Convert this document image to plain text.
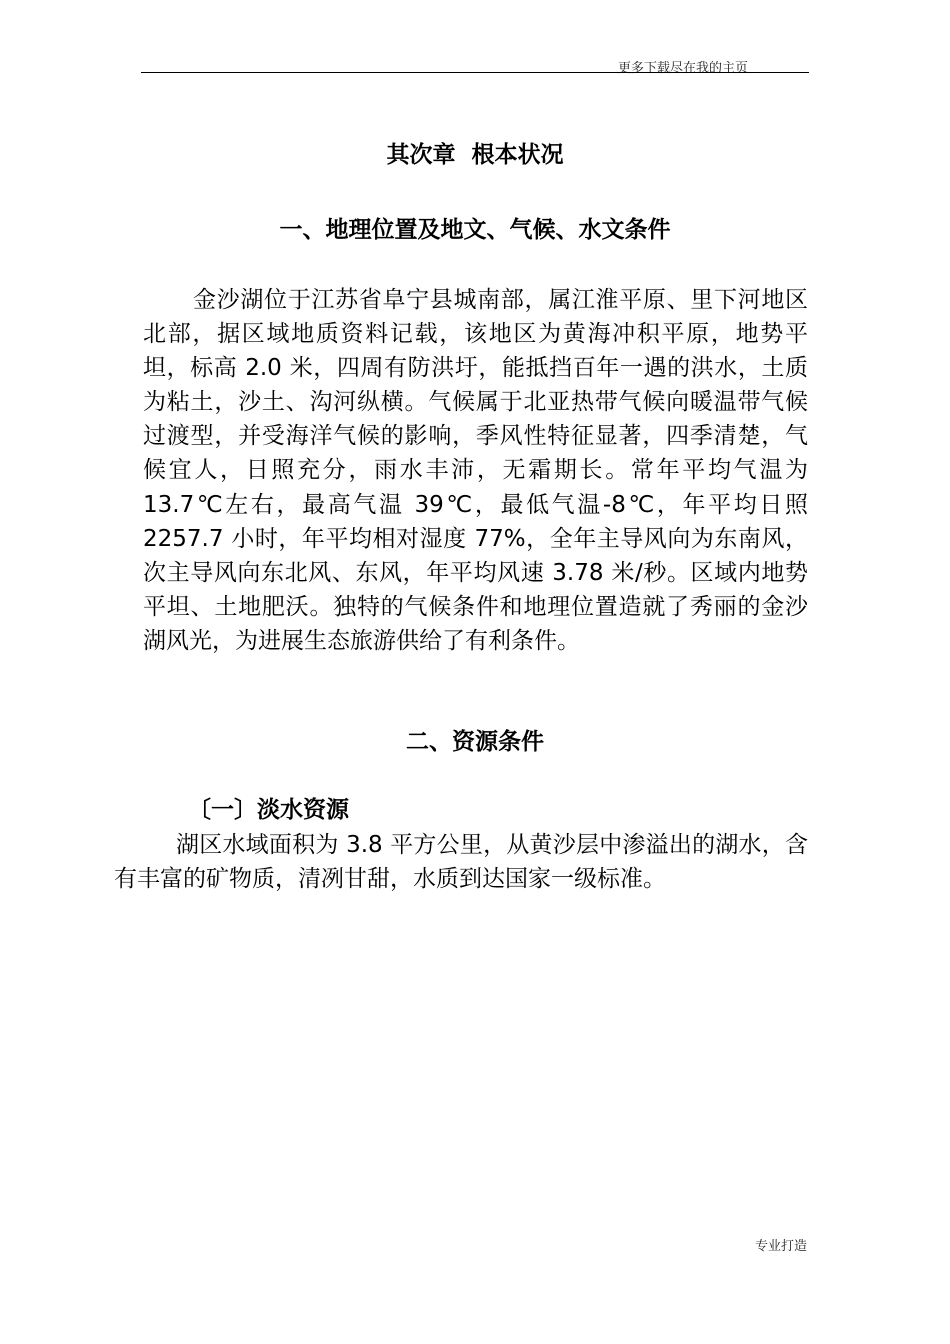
更多下载尽在我的主页
其次章  根本状况
一、地理位置及地文、气候、水文条件

金沙湖位于江苏省阜宁县城南部，属江淮平原、里下河地区北部，据区域地质资料记载，该地区为黄海冲积平原，地势平坦，标高 2.0 米，四周有防洪圩，能抵挡百年一遇的洪水，土质为粘土，沙土、沟河纵横。气候属于北亚热带气候向暖温带气候过渡型，并受海洋气候的影响，季风性特征显著，四季清楚，气候宜人，日照充分，雨水丰沛，无霜期长。常年平均气温为 13.7℃左右，最高气温 39℃，最低气温-8℃，年平均日照 2257.7 小时，年平均相对湿度 77%，全年主导风向为东南风，次主导风向东北风、东风，年平均风速 3.78 米/秒。区域内地势平坦、土地肥沃。独特的气候条件和地理位置造就了秀丽的金沙湖风光，为进展生态旅游供给了有利条件。

二、资源条件
〔一〕淡水资源

湖区水域面积为 3.8 平方公里，从黄沙层中渗溢出的湖水，含有丰富的矿物质，清冽甘甜，水质到达国家一级标准。

专业打造
